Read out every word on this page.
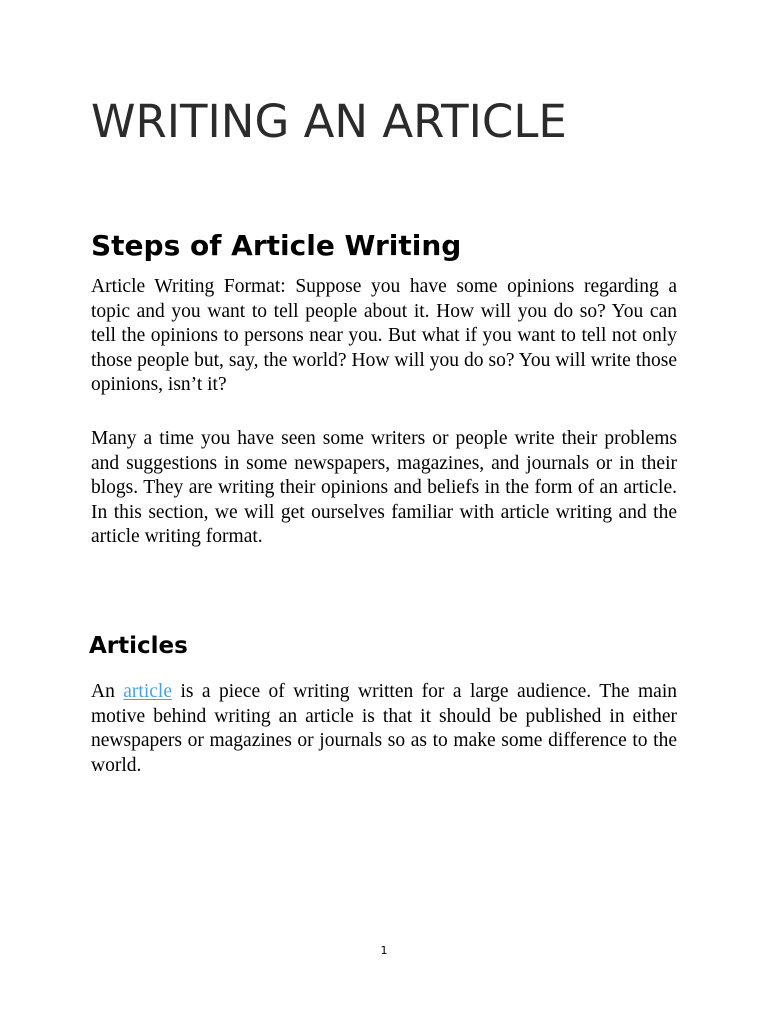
WRITING AN ARTICLE
Steps of Article Writing

Article Writing Format: Suppose you have some opinions regarding a topic and you want to tell people about it. How will you do so? You can tell the opinions to persons near you. But what if you want to tell not only those people but, say, the world? How will you do so? You will write those opinions, isn’t it?

Many a time you have seen some writers or people write their problems and suggestions in some newspapers, magazines, and journals or in their blogs. They are writing their opinions and beliefs in the form of an article. In this section, we will get ourselves familiar with article writing and the article writing format.

Articles

An article is a piece of writing written for a large audience. The main motive behind writing an article is that it should be published in either newspapers or magazines or journals so as to make some difference to the world.

1
